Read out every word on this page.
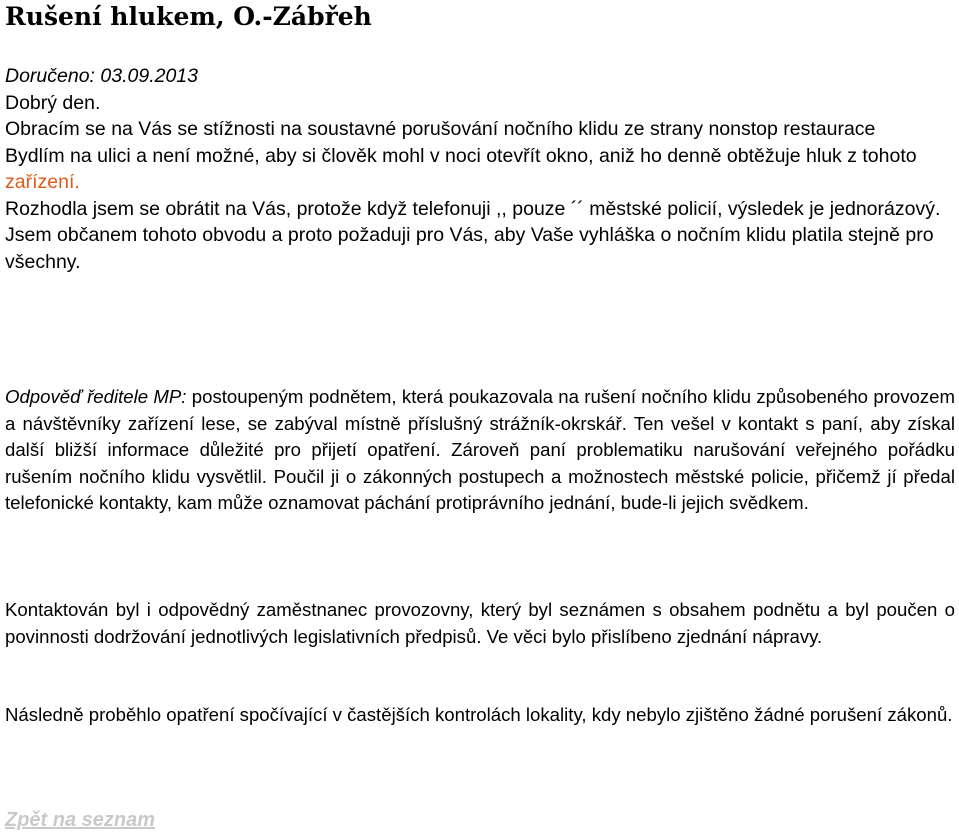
Rušení hlukem, O.-Zábřeh

Doručeno: 03.09.2013

Dobrý den.

Obracím se na Vás se stížnosti na soustavné porušování nočního klidu ze strany nonstop restaurace

Bydlím na ulici a není možné, aby si člověk mohl v noci otevřít okno, aniž ho denně obtěžuje hluk z tohoto zařízení.

Rozhodla jsem se obrátit na Vás, protože když telefonuji ,, pouze ´´ městské policií, výsledek je jednorázový.

Jsem občanem tohoto obvodu a proto požaduji pro Vás, aby Vaše vyhláška o nočním klidu platila stejně pro všechny.

Odpověď ředitele MP: postoupeným podnětem, která poukazovala na rušení nočního klidu způsobeného provozem a návštěvníky zařízení lese, se zabýval místně příslušný strážník-okrskář. Ten vešel v kontakt s paní, aby získal další bližší informace důležité pro přijetí opatření. Zároveň paní problematiku narušování veřejného pořádku rušením nočního klidu vysvětlil. Poučil ji o zákonných postupech a možnostech městské policie, přičemž jí předal telefonické kontakty, kam může oznamovat páchání protiprávního jednání, bude-li jejich svědkem.

Kontaktován byl i odpovědný zaměstnanec provozovny, který byl seznámen s obsahem podnětu a byl poučen o povinnosti dodržování jednotlivých legislativních předpisů. Ve věci bylo přislíbeno zjednání nápravy.

Následně proběhlo opatření spočívající v častějších kontrolách lokality, kdy nebylo zjištěno žádné porušení zákonů.

Zpět na seznam
